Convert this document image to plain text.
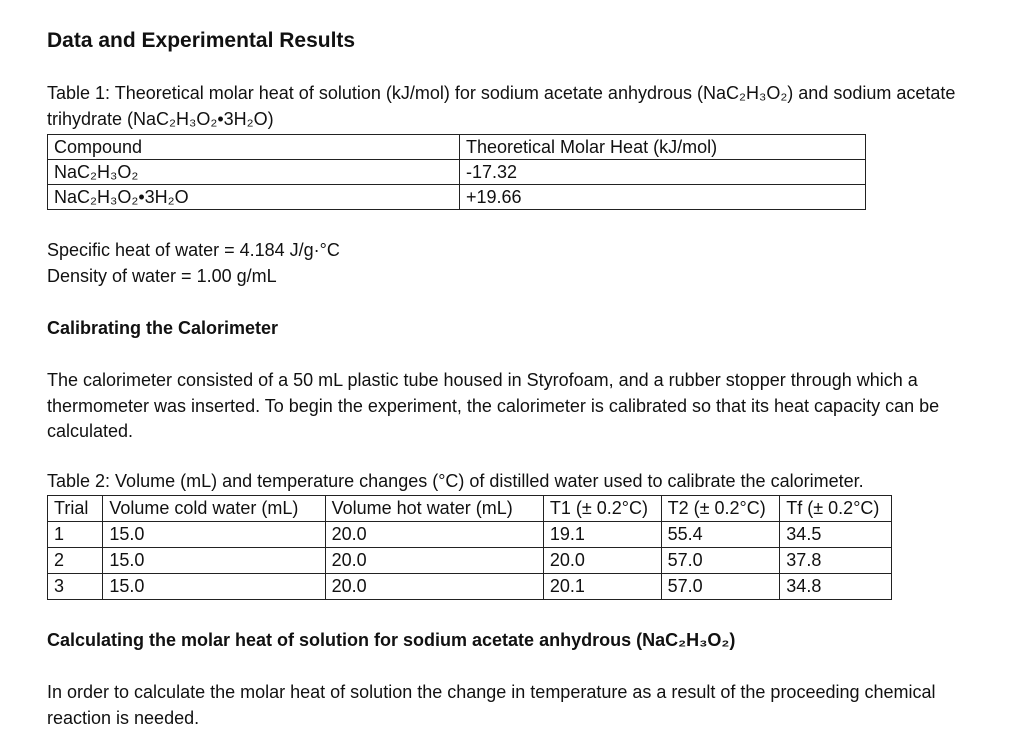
Data and Experimental Results
Table 1: Theoretical molar heat of solution (kJ/mol) for sodium acetate anhydrous (NaC₂H₃O₂) and sodium acetate trihydrate (NaC₂H₃O₂•3H₂O)
Compound	Theoretical Molar Heat (kJ/mol)
NaC₂H₃O₂	-17.32
NaC₂H₃O₂•3H₂O	+19.66
Specific heat of water = 4.184 J/g·°C
Density of water = 1.00 g/mL
Calibrating the Calorimeter
The calorimeter consisted of a 50 mL plastic tube housed in Styrofoam, and a rubber stopper through which a thermometer was inserted. To begin the experiment, the calorimeter is calibrated so that its heat capacity can be calculated.
Table 2: Volume (mL) and temperature changes (°C) of distilled water used to calibrate the calorimeter.
Trial	Volume cold water (mL)	Volume hot water (mL)	T1 (± 0.2°C)	T2 (± 0.2°C)	Tf (± 0.2°C)
1	15.0	20.0	19.1	55.4	34.5
2	15.0	20.0	20.0	57.0	37.8
3	15.0	20.0	20.1	57.0	34.8
Calculating the molar heat of solution for sodium acetate anhydrous (NaC₂H₃O₂)
In order to calculate the molar heat of solution the change in temperature as a result of the proceeding chemical reaction is needed.
